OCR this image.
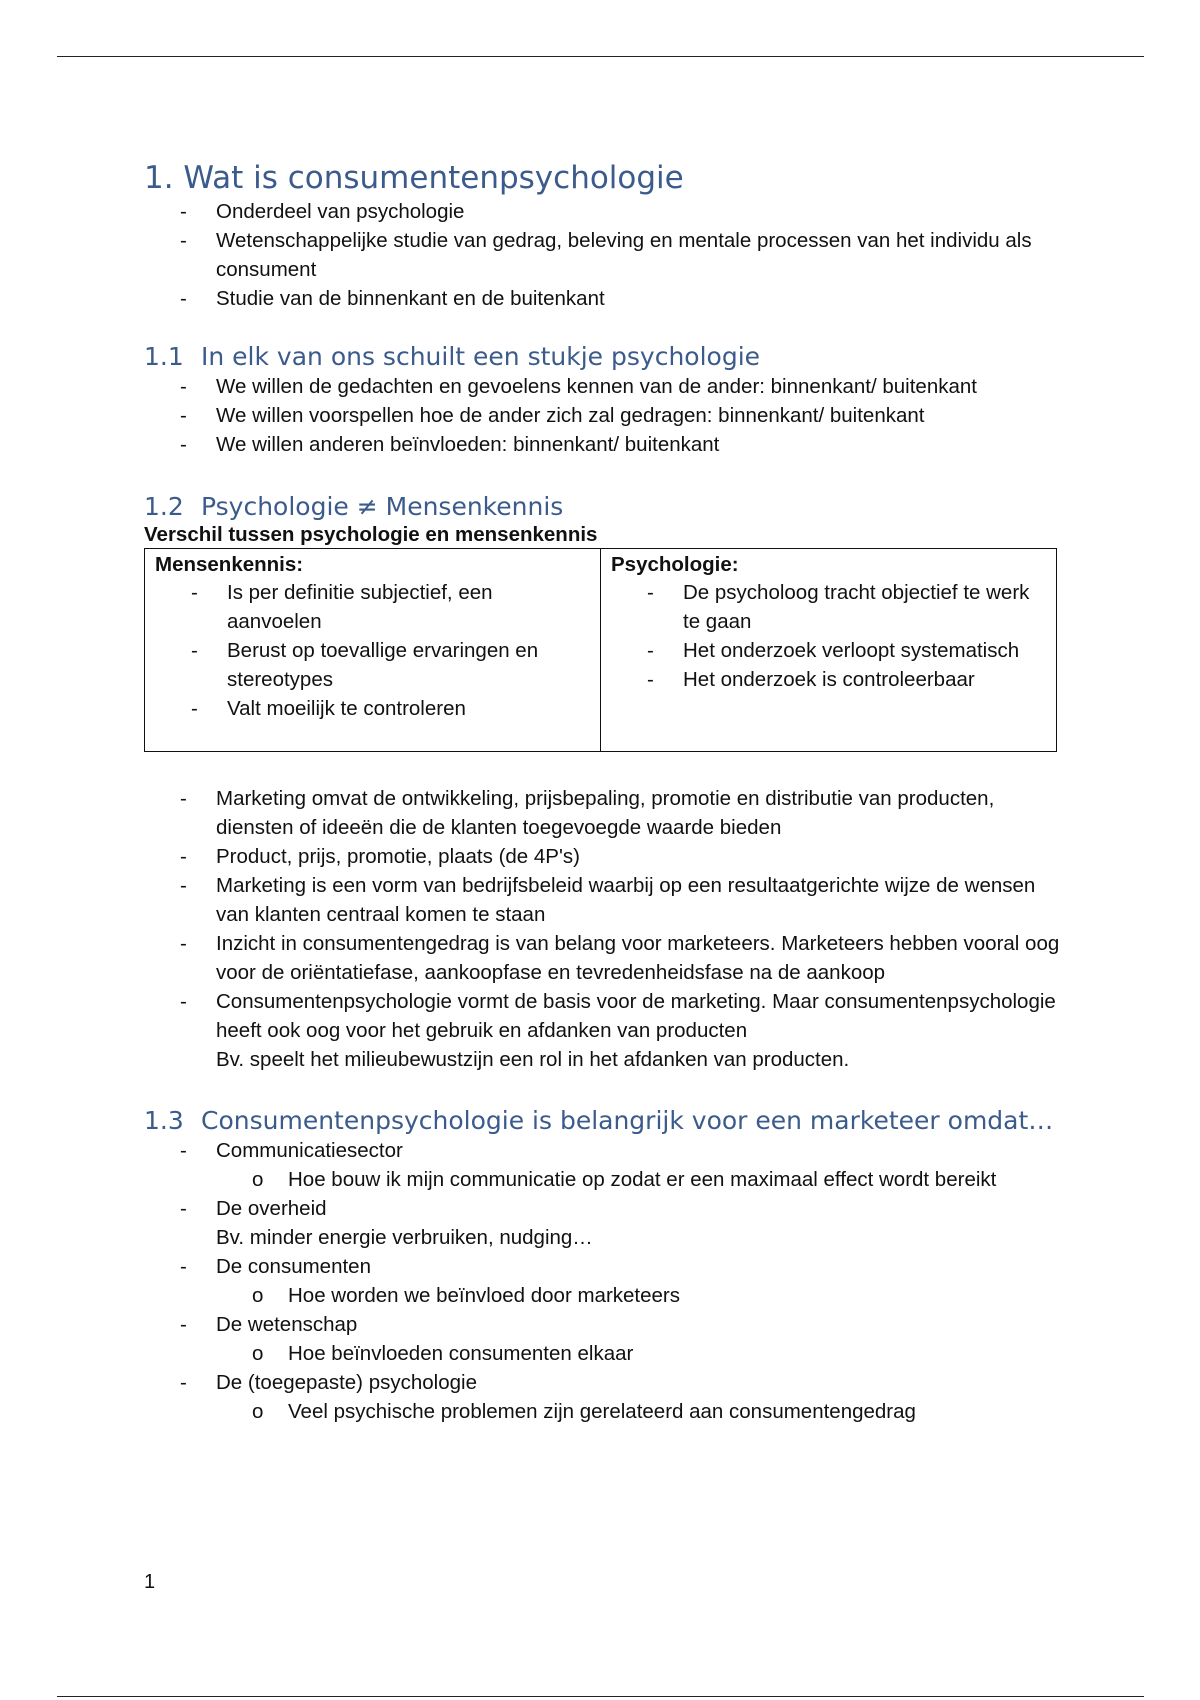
1. Wat is consumentenpsychologie
- Onderdeel van psychologie
- Wetenschappelijke studie van gedrag, beleving en mentale processen van het individu als consument
- Studie van de binnenkant en de buitenkant
1.1 In elk van ons schuilt een stukje psychologie
- We willen de gedachten en gevoelens kennen van de ander: binnenkant/ buitenkant
- We willen voorspellen hoe de ander zich zal gedragen: binnenkant/ buitenkant
- We willen anderen beïnvloeden: binnenkant/ buitenkant
1.2 Psychologie ≠ Mensenkennis
Verschil tussen psychologie en mensenkennis
Mensenkennis:
- Is per definitie subjectief, een aanvoelen
- Berust op toevallige ervaringen en stereotypes
- Valt moeilijk te controleren

Psychologie:
- De psycholoog tracht objectief te werk te gaan
- Het onderzoek verloopt systematisch
- Het onderzoek is controleerbaar
- Marketing omvat de ontwikkeling, prijsbepaling, promotie en distributie van producten, diensten of ideeën die de klanten toegevoegde waarde bieden
- Product, prijs, promotie, plaats (de 4P's)
- Marketing is een vorm van bedrijfsbeleid waarbij op een resultaatgerichte wijze de wensen van klanten centraal komen te staan
- Inzicht in consumentengedrag is van belang voor marketeers. Marketeers hebben vooral oog voor de oriëntatiefase, aankoopfase en tevredenheidsfase na de aankoop
- Consumentenpsychologie vormt de basis voor de marketing. Maar consumentenpsychologie heeft ook oog voor het gebruik en afdanken van producten
Bv. speelt het milieubewustzijn een rol in het afdanken van producten.
1.3 Consumentenpsychologie is belangrijk voor een marketeer omdat…
- Communicatiesector
o Hoe bouw ik mijn communicatie op zodat er een maximaal effect wordt bereikt
- De overheid
Bv. minder energie verbruiken, nudging…
- De consumenten
o Hoe worden we beïnvloed door marketeers
- De wetenschap
o Hoe beïnvloeden consumenten elkaar
- De (toegepaste) psychologie
o Veel psychische problemen zijn gerelateerd aan consumentengedrag
1
